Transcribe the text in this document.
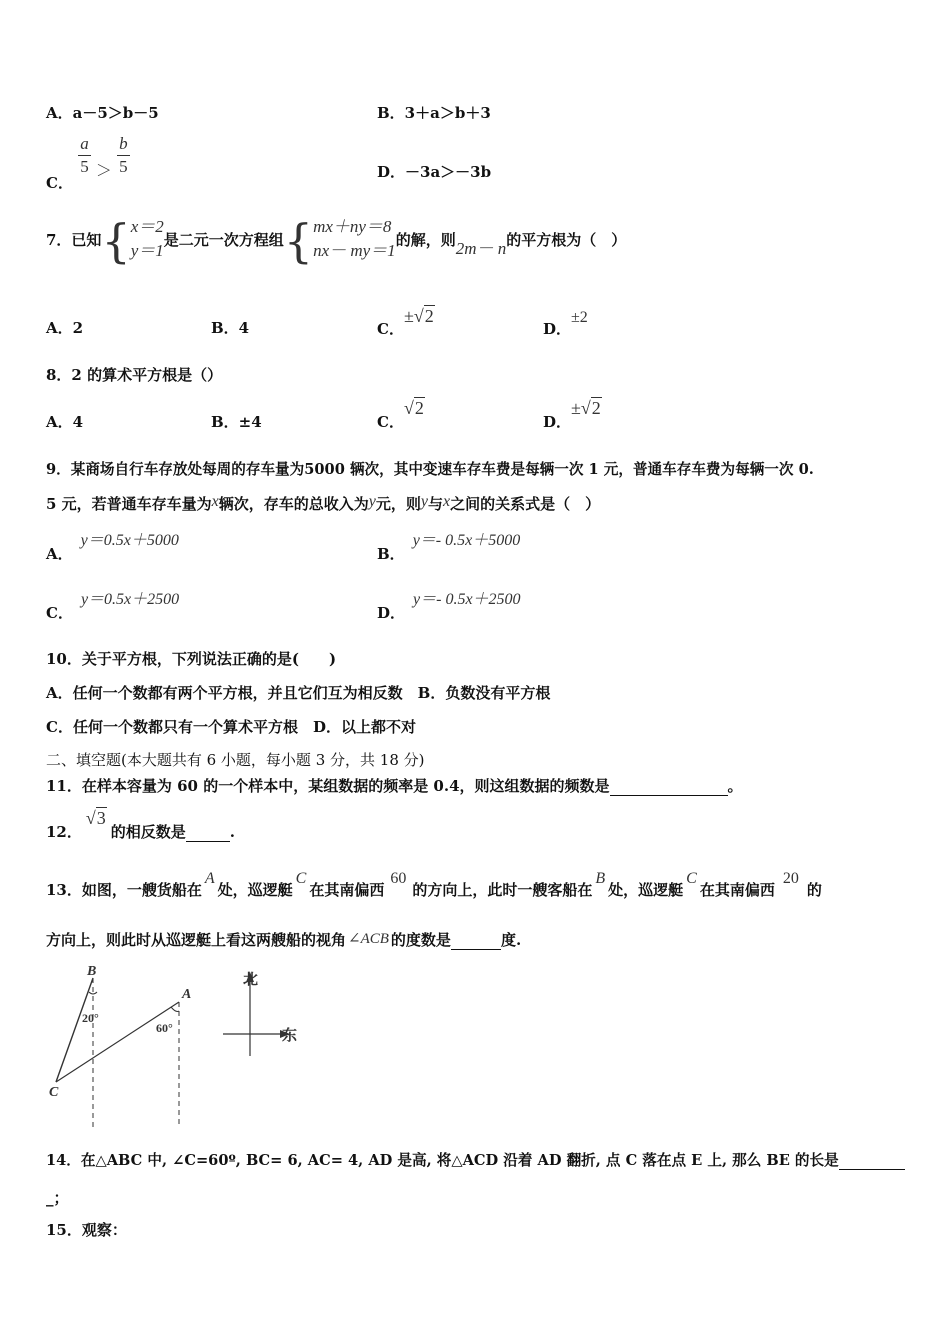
A．a－5＞b－5	B．3＋a＞b＋3
C．
$\frac{a}{5} > \frac{b}{5}$	D．－3a＞－3b
7．已知{ x＝2
y＝1
是二元一次方程组{ mx＋ny＝8
nx－ my＝1
的解，则2m－ n的平方根为（　）
A．2	B．4	C．±√2
D．±2
8．2 的算术平方根是（）
A．4	B．±4	C．√2
D．±√2
9．某商场自行车存放处每周的存车量为5000 辆次，其中变速车存车费是每辆一次 1 元，普通车存车费为每辆一次 0.
5 元，若普通车存车量为x辆次，存车的总收入为y元，则y与x之间的关系式是（　）
A．y＝0.5x＋5000
B．y＝- 0.5x＋5000
C．y＝0.5x＋2500
D．y＝- 0.5x＋2500
10．关于平方根，下列说法正确的是(　　)
A．任何一个数都有两个平方根，并且它们互为相反数　B．负数没有平方根
C．任何一个数都只有一个算术平方根　D．以上都不对
二、填空题(本大题共有 6 小题，每小题 3 分，共 18 分)
11．在样本容量为 60 的一个样本中，某组数据的频率是 0.4，则这组数据的频数是	。
12．√3的相反数是	.
13．如图，一艘货船在A处，巡逻艇C在其南偏西60的方向上，此时一艘客船在B处，巡逻艇C在其南偏西20的
方向上，则此时从巡逻艇上看这两艘船的视角 ∠ACB 的度数是	度.
B
A
C
20°
60°
北
东
14．在△ABC 中, ∠C=60º, BC= 6, AC= 4, AD 是高, 将△ACD 沿着 AD 翻折, 点 C 落在点 E 上, 那么 BE 的长是
_；
15．观察：
